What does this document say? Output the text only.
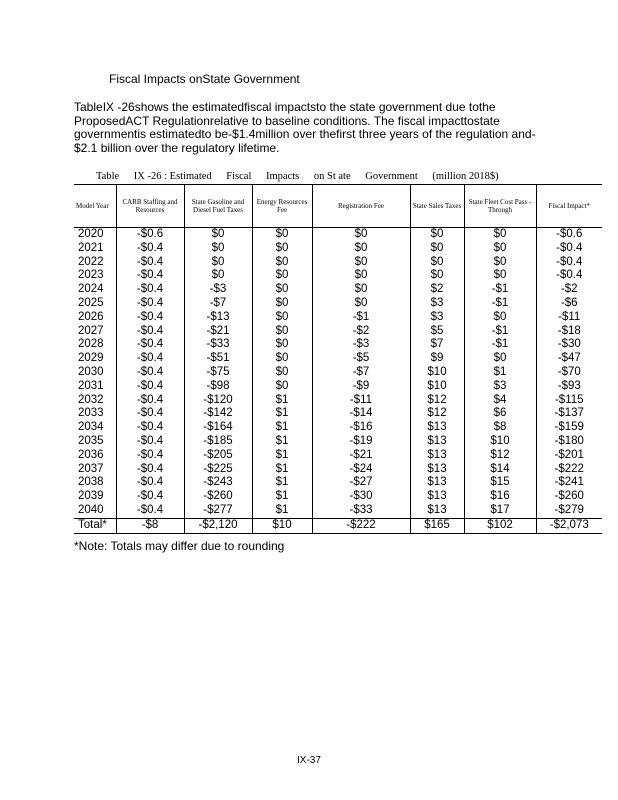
Fiscal Impacts onState Government

TableIX -26shows the estimatedfiscal impactsto the state government due tothe ProposedACT Regulationrelative to baseline conditions. The fiscal impacttostate governmentis estimatedto be-$1.4million over thefirst three years of the regulation and- $2.1 billion over the regulatory lifetime.

Table IX -26 : Estimated Fiscal Impacts on St ate Government (million 2018$)
Model Year	CARB Staffing and Resources	State Gasoline and Diesel Fuel Taxes	Energy Resources Fee	Registration Fee	State Sales Taxes	State Fleet Cost Pass - Through	Fiscal Impact*
2020	-$0.6	$0	$0	$0	$0	$0	-$0.6
2021	-$0.4	$0	$0	$0	$0	$0	-$0.4
2022	-$0.4	$0	$0	$0	$0	$0	-$0.4
2023	-$0.4	$0	$0	$0	$0	$0	-$0.4
2024	-$0.4	-$3	$0	$0	$2	-$1	-$2
2025	-$0.4	-$7	$0	$0	$3	-$1	-$6
2026	-$0.4	-$13	$0	-$1	$3	$0	-$11
2027	-$0.4	-$21	$0	-$2	$5	-$1	-$18
2028	-$0.4	-$33	$0	-$3	$7	-$1	-$30
2029	-$0.4	-$51	$0	-$5	$9	$0	-$47
2030	-$0.4	-$75	$0	-$7	$10	$1	-$70
2031	-$0.4	-$98	$0	-$9	$10	$3	-$93
2032	-$0.4	-$120	$1	-$11	$12	$4	-$115
2033	-$0.4	-$142	$1	-$14	$12	$6	-$137
2034	-$0.4	-$164	$1	-$16	$13	$8	-$159
2035	-$0.4	-$185	$1	-$19	$13	$10	-$180
2036	-$0.4	-$205	$1	-$21	$13	$12	-$201
2037	-$0.4	-$225	$1	-$24	$13	$14	-$222
2038	-$0.4	-$243	$1	-$27	$13	$15	-$241
2039	-$0.4	-$260	$1	-$30	$13	$16	-$260
2040	-$0.4	-$277	$1	-$33	$13	$17	-$279
Total*	-$8	-$2,120	$10	-$222	$165	$102	-$2,073
*Note: Totals may differ due to rounding
IX-37
